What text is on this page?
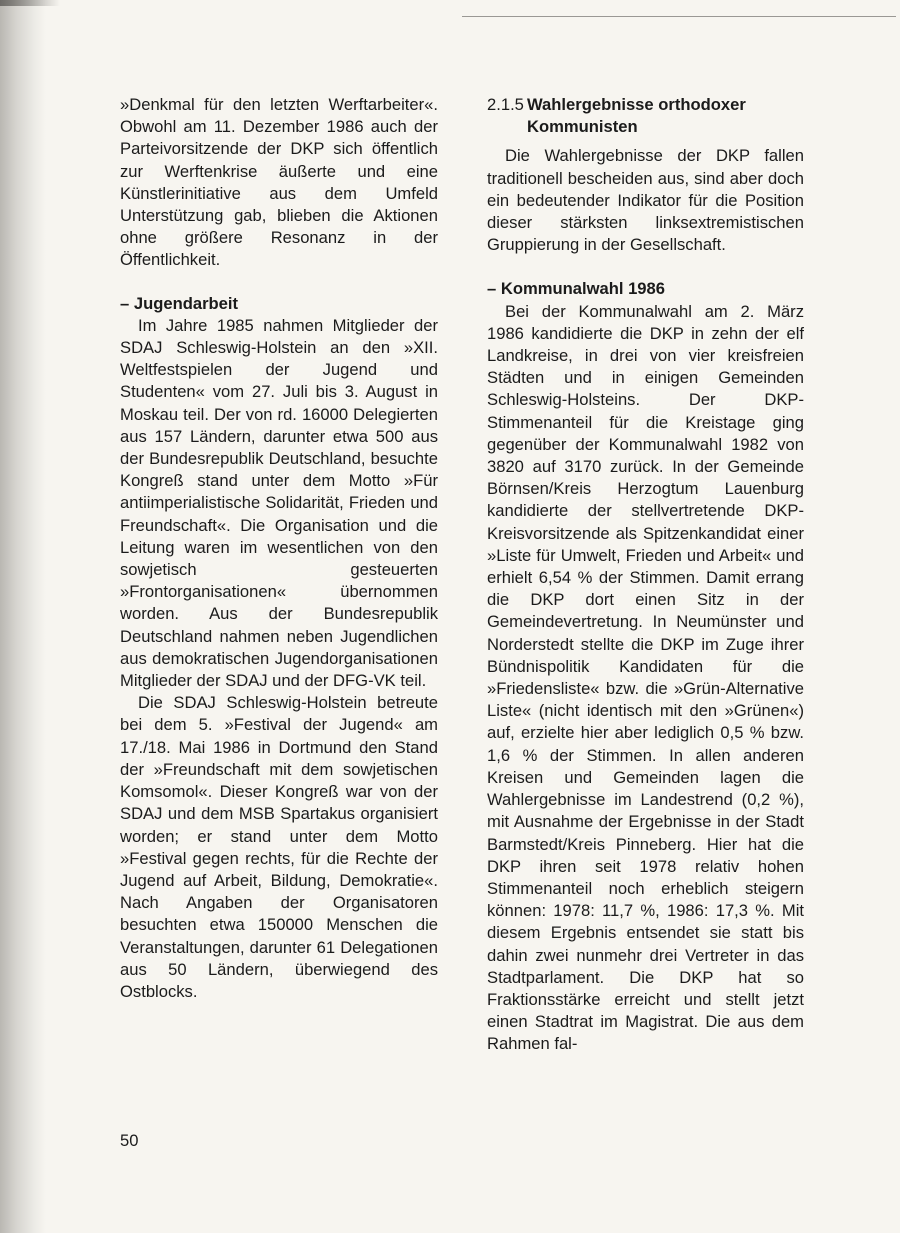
»Denkmal für den letzten Werftarbeiter«. Obwohl am 11. Dezember 1986 auch der Parteivorsitzende der DKP sich öffentlich zur Werftenkrise äußerte und eine Künstlerinitiative aus dem Umfeld Unterstützung gab, blieben die Aktionen ohne größere Resonanz in der Öffentlichkeit.

– Jugendarbeit

Im Jahre 1985 nahmen Mitglieder der SDAJ Schleswig-Holstein an den »XII. Weltfestspielen der Jugend und Studenten« vom 27. Juli bis 3. August in Moskau teil. Der von rd. 16000 Delegierten aus 157 Ländern, darunter etwa 500 aus der Bundesrepublik Deutschland, besuchte Kongreß stand unter dem Motto »Für antiimperialistische Solidarität, Frieden und Freundschaft«. Die Organisation und die Leitung waren im wesentlichen von den sowjetisch gesteuerten »Frontorganisationen« übernommen worden. Aus der Bundesrepublik Deutschland nahmen neben Jugendlichen aus demokratischen Jugendorganisationen Mitglieder der SDAJ und der DFG-VK teil.

Die SDAJ Schleswig-Holstein betreute bei dem 5. »Festival der Jugend« am 17./18. Mai 1986 in Dortmund den Stand der »Freundschaft mit dem sowjetischen Komsomol«. Dieser Kongreß war von der SDAJ und dem MSB Spartakus organisiert worden; er stand unter dem Motto »Festival gegen rechts, für die Rechte der Jugend auf Arbeit, Bildung, Demokratie«. Nach Angaben der Organisatoren besuchten etwa 150000 Menschen die Veranstaltungen, darunter 61 Delegationen aus 50 Ländern, überwiegend des Ostblocks.

2.1.5 Wahlergebnisse orthodoxer Kommunisten

Die Wahlergebnisse der DKP fallen traditionell bescheiden aus, sind aber doch ein bedeutender Indikator für die Position dieser stärksten linksextremistischen Gruppierung in der Gesellschaft.

– Kommunalwahl 1986

Bei der Kommunalwahl am 2. März 1986 kandidierte die DKP in zehn der elf Landkreise, in drei von vier kreisfreien Städten und in einigen Gemeinden Schleswig-Holsteins. Der DKP-Stimmenanteil für die Kreistage ging gegenüber der Kommunalwahl 1982 von 3820 auf 3170 zurück. In der Gemeinde Börnsen/Kreis Herzogtum Lauenburg kandidierte der stellvertretende DKP-Kreisvorsitzende als Spitzenkandidat einer »Liste für Umwelt, Frieden und Arbeit« und erhielt 6,54 % der Stimmen. Damit errang die DKP dort einen Sitz in der Gemeindevertretung. In Neumünster und Norderstedt stellte die DKP im Zuge ihrer Bündnispolitik Kandidaten für die »Friedensliste« bzw. die »Grün-Alternative Liste« (nicht identisch mit den »Grünen«) auf, erzielte hier aber lediglich 0,5 % bzw. 1,6 % der Stimmen. In allen anderen Kreisen und Gemeinden lagen die Wahlergebnisse im Landestrend (0,2 %), mit Ausnahme der Ergebnisse in der Stadt Barmstedt/Kreis Pinneberg. Hier hat die DKP ihren seit 1978 relativ hohen Stimmenanteil noch erheblich steigern können: 1978: 11,7 %, 1986: 17,3 %. Mit diesem Ergebnis entsendet sie statt bis dahin zwei nunmehr drei Vertreter in das Stadtparlament. Die DKP hat so Fraktionsstärke erreicht und stellt jetzt einen Stadtrat im Magistrat. Die aus dem Rahmen fal-

50
